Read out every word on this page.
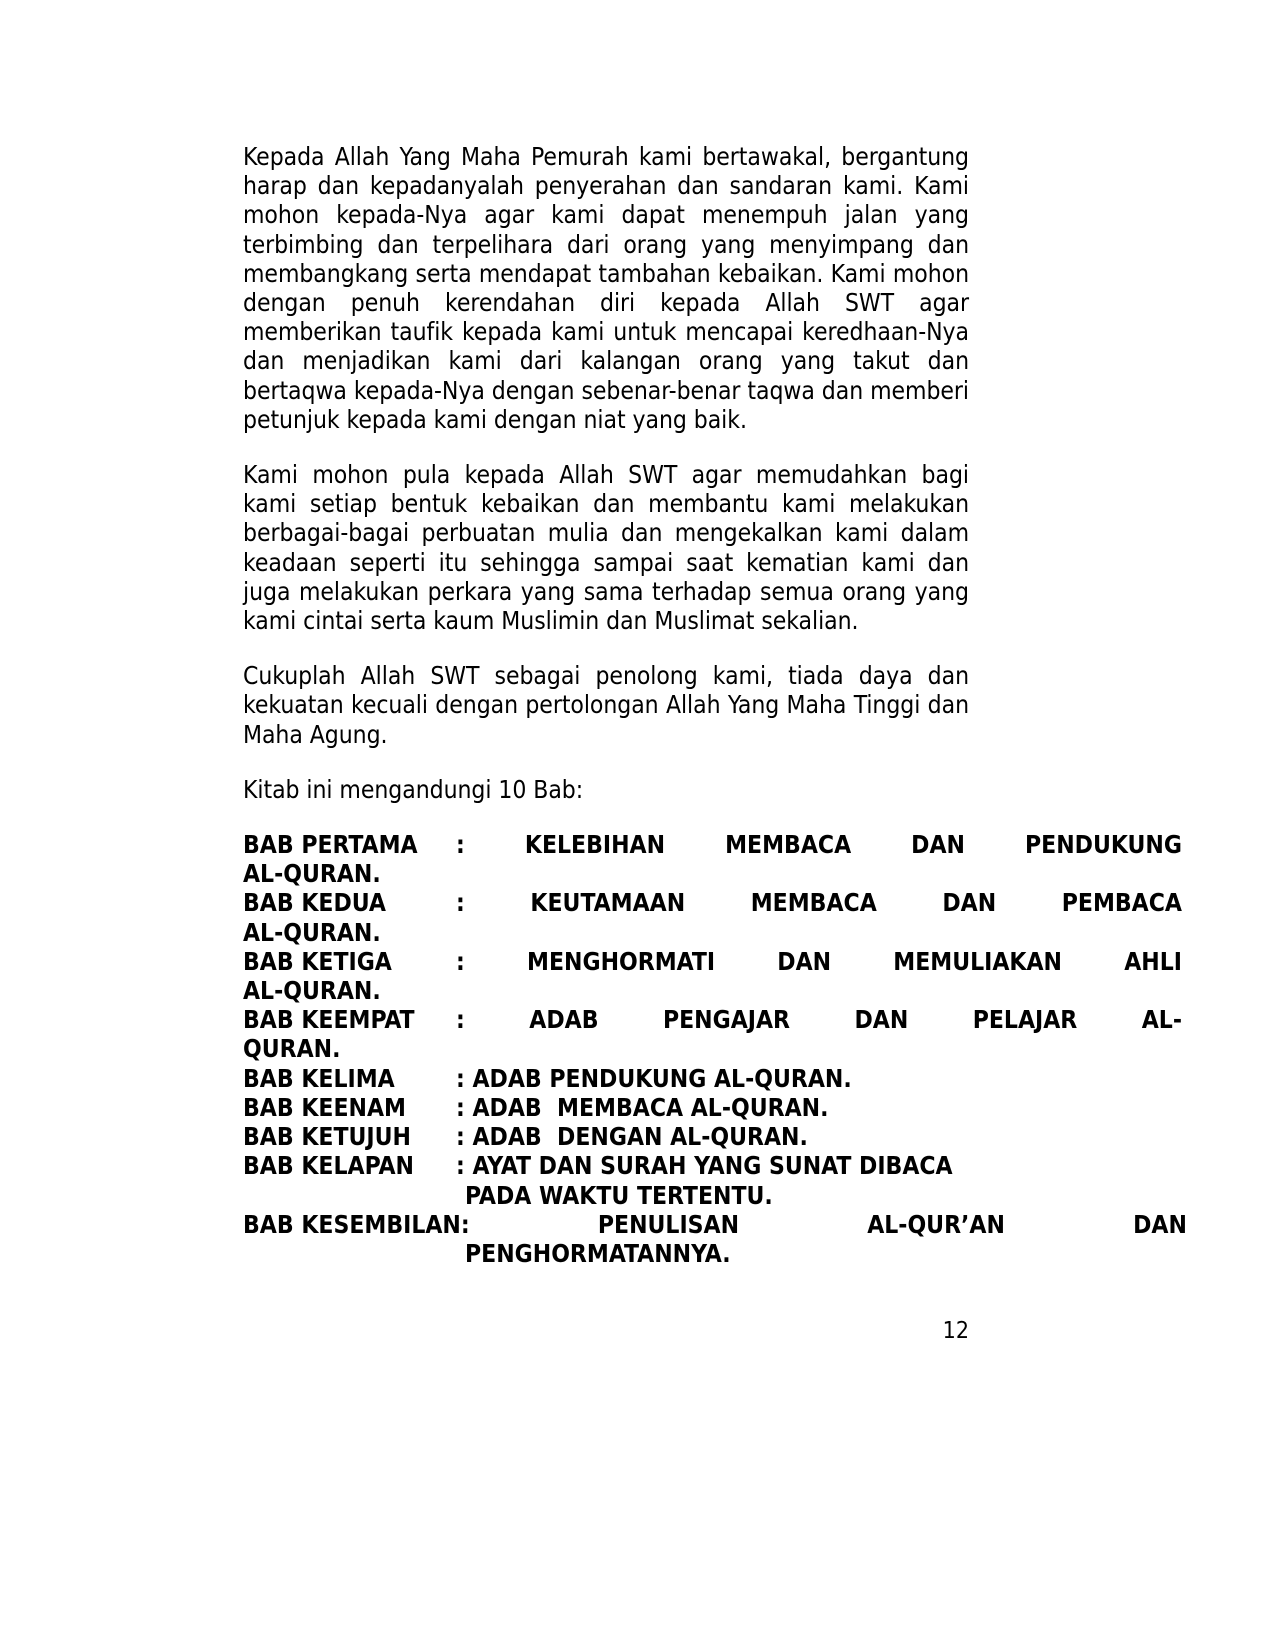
Kepada Allah Yang Maha Pemurah kami bertawakal, bergantung harap dan kepadanyalah penyerahan dan sandaran kami. Kami mohon kepada-Nya agar kami dapat menempuh jalan yang terbimbing dan terpelihara dari orang yang menyimpang dan membangkang serta mendapat tambahan kebaikan. Kami mohon dengan penuh kerendahan diri kepada Allah SWT agar memberikan taufik kepada kami untuk mencapai keredhaan-Nya dan menjadikan kami dari kalangan orang yang takut dan bertaqwa kepada-Nya dengan sebenar-benar taqwa dan memberi petunjuk kepada kami dengan niat yang baik.

Kami mohon pula kepada Allah SWT agar memudahkan bagi kami setiap bentuk kebaikan dan membantu kami melakukan berbagai-bagai perbuatan mulia dan mengekalkan kami dalam keadaan seperti itu sehingga sampai saat kematian kami dan juga melakukan perkara yang sama terhadap semua orang yang kami cintai serta kaum Muslimin dan Muslimat sekalian.

Cukuplah Allah SWT sebagai penolong kami, tiada daya dan kekuatan kecuali dengan pertolongan Allah Yang Maha Tinggi dan Maha Agung.

Kitab ini mengandungi 10 Bab:

BAB PERTAMA	: KELEBIHAN MEMBACA DAN PENDUKUNG
AL-QURAN.
BAB KEDUA	:	KEUTAMAAN	MEMBACA	DAN	PEMBACA
AL-QURAN.
BAB KETIGA	:	MENGHORMATI	DAN	MEMULIAKAN	AHLI
AL-QURAN.
BAB KEEMPAT	:	ADAB	PENGAJAR	DAN	PELAJAR	AL-
QURAN.
BAB KELIMA	: ADAB PENDUKUNG AL-QURAN.
BAB KEENAM	: ADAB  MEMBACA AL-QURAN.
BAB KETUJUH	: ADAB  DENGAN AL-QURAN.
BAB KELAPAN	: AYAT DAN SURAH YANG SUNAT DIBACA
PADA WAKTU TERTENTU.
BAB KESEMBILAN :	PENULISAN	AL-QUR’AN	DAN
PENGHORMATANNYA.
12
